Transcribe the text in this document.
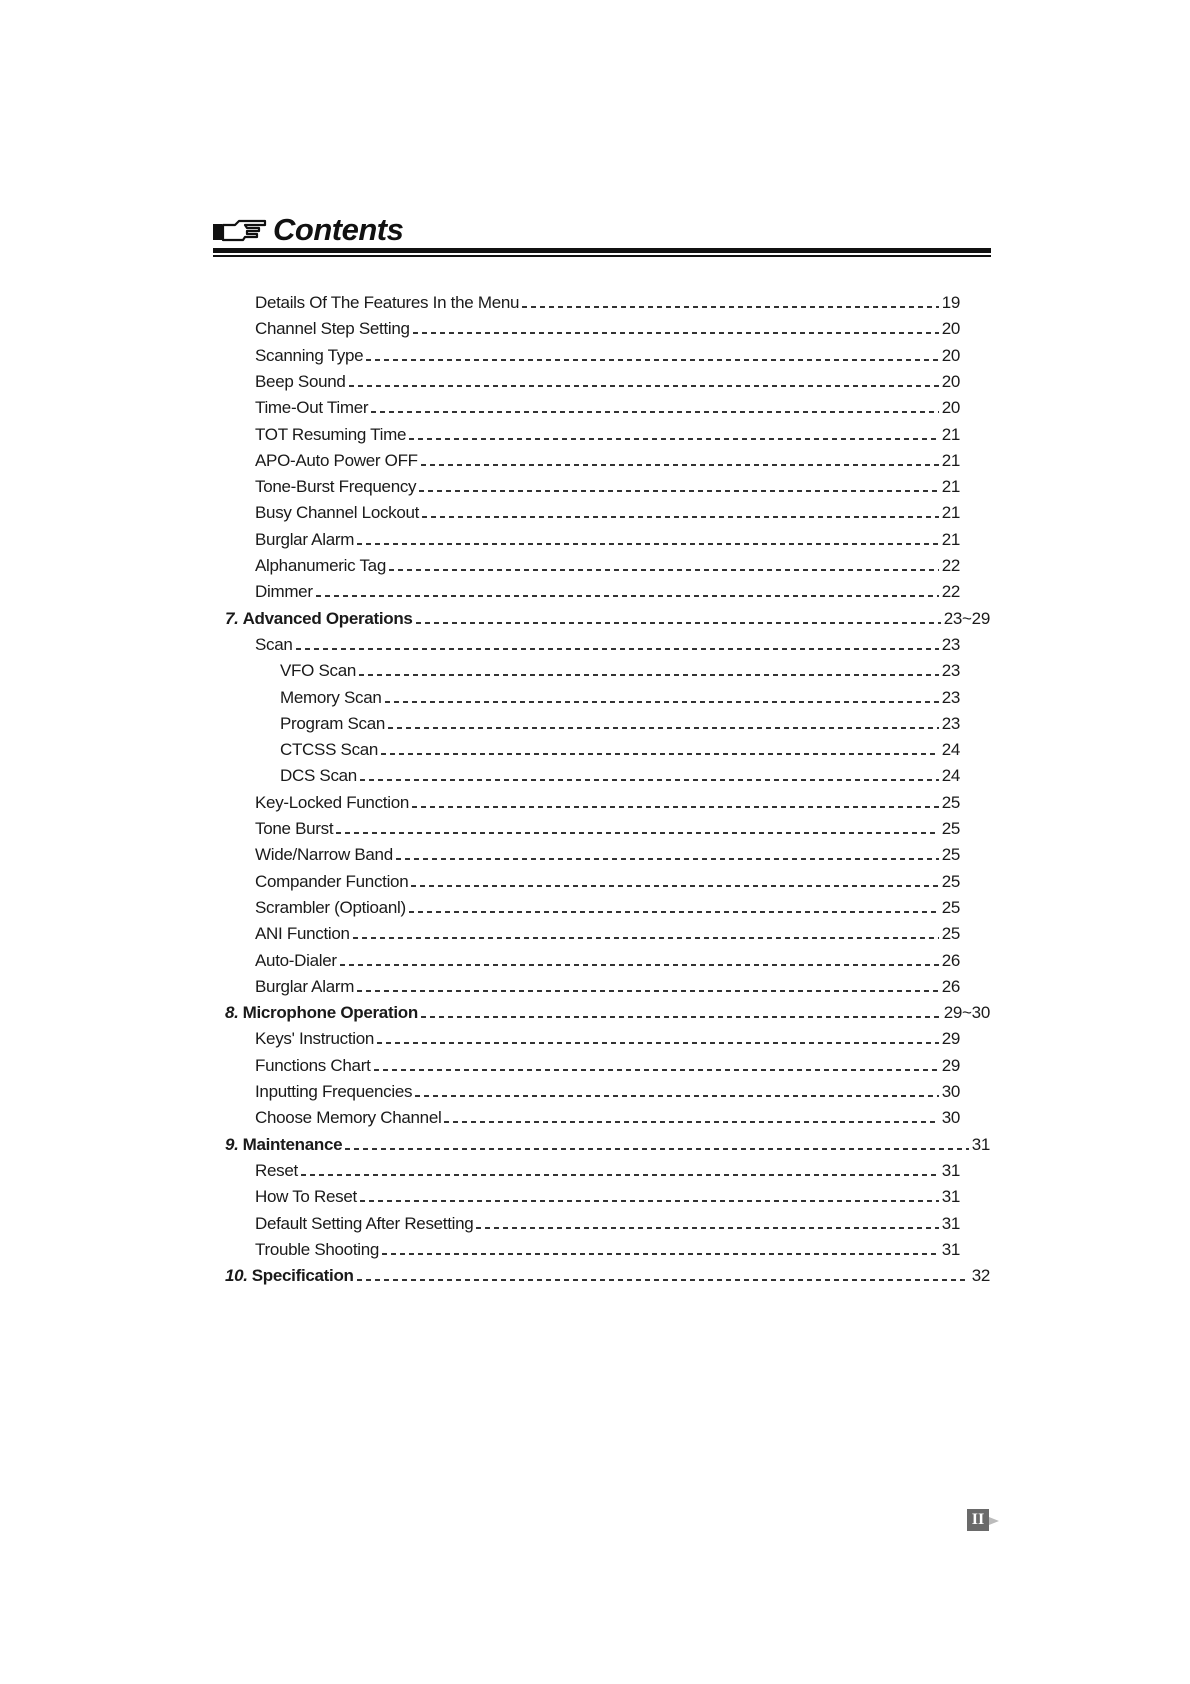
Contents
Details Of The Features In the Menu	19
Channel Step Setting	20
Scanning Type	20
Beep Sound	20
Time-Out Timer	20
TOT Resuming Time	21
APO-Auto Power OFF	21
Tone-Burst Frequency	21
Busy Channel Lockout	21
Burglar Alarm	21
Alphanumeric Tag	22
Dimmer	22
7. Advanced Operations	23~29
Scan	23
VFO Scan	23
Memory Scan	23
Program Scan	23
CTCSS Scan	24
DCS Scan	24
Key-Locked Function	25
Tone Burst	25
Wide/Narrow Band	25
Compander Function	25
Scrambler (Optioanl)	25
ANI Function	25
Auto-Dialer	26
Burglar Alarm	26
8. Microphone Operation	29~30
Keys' Instruction	29
Functions Chart	29
Inputting Frequencies	30
Choose Memory Channel	30
9. Maintenance	31
Reset	31
How To Reset	31
Default Setting After Resetting	31
Trouble Shooting	31
10. Specification	32
II
